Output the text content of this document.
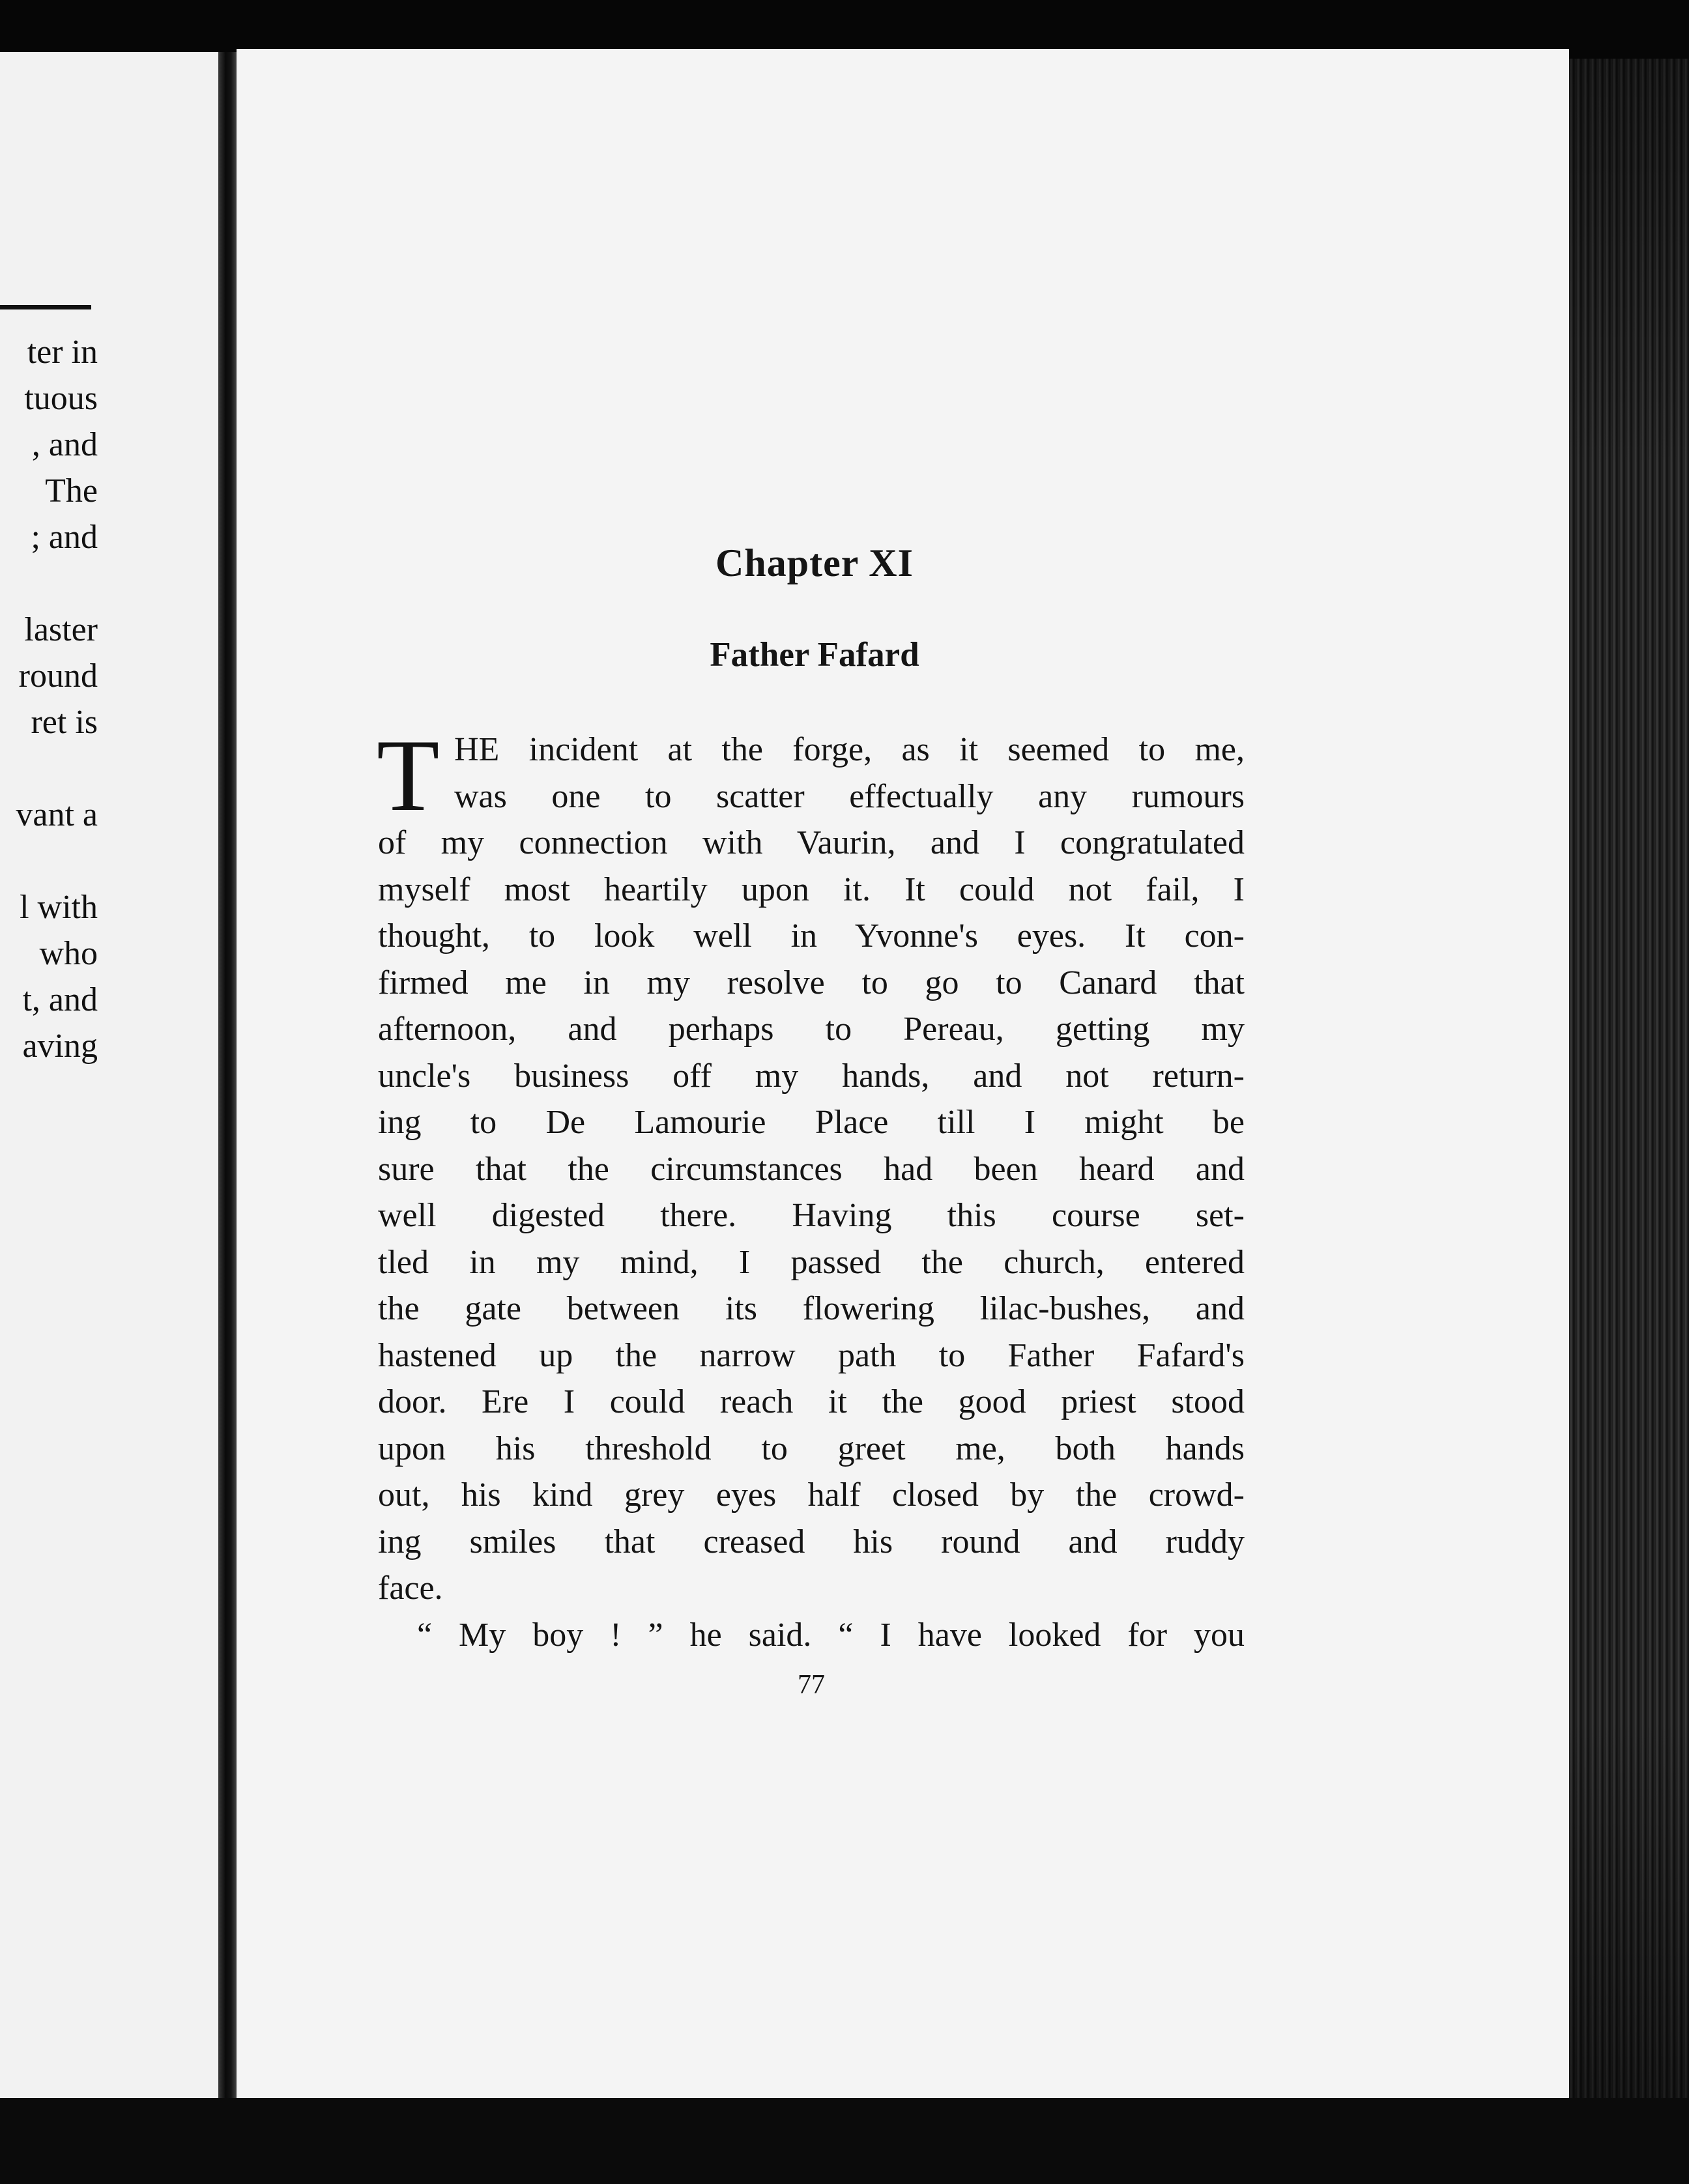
ter in
tuous
, and
The
; and
laster
round
ret is
vant a
l with
who
t, and
aving
Chapter XI
Father Fafard
T HE incident at the forge, as it seemed to me,
was one to scatter effectually any rumours
of my connection with Vaurin, and I congratulated
myself most heartily upon it. It could not fail, I
thought, to look well in Yvonne's eyes. It con-
firmed me in my resolve to go to Canard that
afternoon, and perhaps to Pereau, getting my
uncle's business off my hands, and not return-
ing to De Lamourie Place till I might be
sure that the circumstances had been heard and
well digested there. Having this course set-
tled in my mind, I passed the church, entered
the gate between its flowering lilac-bushes, and
hastened up the narrow path to Father Fafard's
door. Ere I could reach it the good priest stood
upon his threshold to greet me, both hands
out, his kind grey eyes half closed by the crowd-
ing smiles that creased his round and ruddy
face.
“ My boy ! ” he said. “ I have looked for you
77
